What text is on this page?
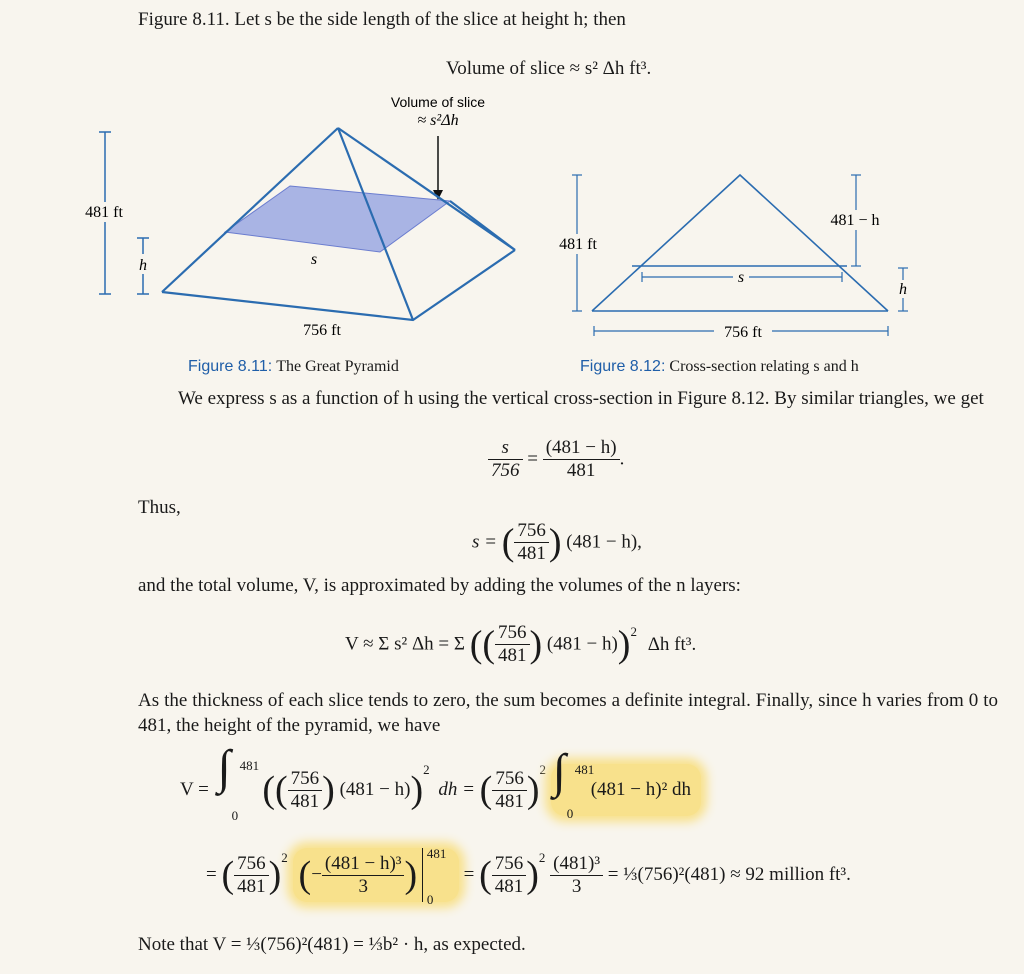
Figure 8.11. Let s be the side length of the slice at height h; then
Volume of slice ≈ s² Δh ft³.
Volume of slice
≈ s²Δh
481 ft
h	s
756 ft
481 ft
481 − h
s
h
756 ft
Figure 8.11: The Great Pyramid	Figure 8.12: Cross-section relating s and h
We express s as a function of h using the vertical cross-section in Figure 8.12. By similar triangles, we get
$\frac{s}{756} = \frac{(481 - h)}{481}$ .
Thus,
s = ( $\frac{756}{481}$ ) (481 − h),
and the total volume, V, is approximated by adding the volumes of the n layers:
V ≈ Σ s² Δh = Σ (( $\frac{756}{481}$ ) (481 − h))$^2$ Δh ft³.
As the thickness of each slice tends to zero, the sum becomes a definite integral. Finally, since h varies from 0 to 481, the height of the pyramid, we have
V = ∫ 481
0
(( $\frac{756}{481}$ ) (481 − h))$^2$ dh = ( $\frac{756}{481} )^2$ ∫ 481
0
(481 − h)² dh
= ( $\frac{756}{481} )^2$ (− $\frac{\text{(481 − h)³}}{3}$ )
481
0
= ( $\frac{756}{481} )^2 \frac{\text{(481)³}}{3}$ = ⅓(756)²(481) ≈ 92 million ft³.
Note that V = ⅓(756)²(481) = ⅓b² · h, as expected.
